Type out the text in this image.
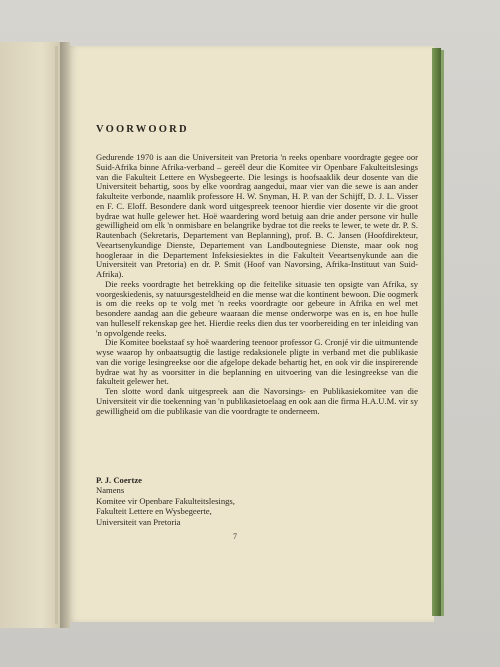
VOORWOORD

Gedurende 1970 is aan die Universiteit van Pretoria 'n reeks openbare voordragte gegee oor Suid-Afrika binne Afrika-verband – gereël deur die Komitee vir Openbare Fakulteitslesings van die Fakulteit Lettere en Wysbegeerte. Die lesings is hoofsaaklik deur dosente van die Universiteit behartig, soos by elke voordrag aangedui, maar vier van die sewe is aan ander fakulteite verbonde, naamlik professore H. W. Snyman, H. P. van der Schijff, D. J. L. Visser en F. C. Eloff. Besondere dank word uitgespreek teenoor hierdie vier dosente vir die groot bydrae wat hulle gelewer het. Hoë waardering word betuig aan drie ander persone vir hulle gewilligheid om elk 'n onmisbare en belangrike bydrae tot die reeks te lewer, te wete dr. P. S. Rautenbach (Sekretaris, Departement van Beplanning), prof. B. C. Jansen (Hoofdirekteur, Veeartsenykundige Dienste, Departement van Landboutegniese Dienste, maar ook nog hoogleraar in die Departement Infeksiesiektes in die Fakulteit Veeartsenykunde aan die Universiteit van Pretoria) en dr. P. Smit (Hoof van Navorsing, Afrika-Instituut van Suid-Afrika).

Die reeks voordragte het betrekking op die feitelike situasie ten opsigte van Afrika, sy voorgeskiedenis, sy natuursgesteldheid en die mense wat die kontinent bewoon. Die oogmerk is om die reeks op te volg met 'n reeks voordragte oor gebeure in Afrika en wel met besondere aandag aan die gebeure waaraan die mense onderworpe was en is, en hoe hulle van hulleself rekenskap gee het. Hierdie reeks dien dus ter voorbereiding en ter inleiding van 'n opvolgende reeks.

Die Komitee boekstaaf sy hoë waardering teenoor professor G. Cronjé vir die uitmuntende wyse waarop hy onbaatsugtig die lastige redaksionele pligte in verband met die publikasie van die vorige lesingreekse oor die afgelope dekade behartig het, en ook vir die inspirerende bydrae wat hy as voorsitter in die beplanning en uitvoering van die lesingreekse van die fakulteit gelewer het.

Ten slotte word dank uitgespreek aan die Navorsings- en Publikasiekomitee van die Universiteit vir die toekenning van 'n publikasietoelaag en ook aan die firma H.A.U.M. vir sy gewilligheid om die publikasie van die voordragte te onderneem.

P. J. Coertze
Namens
Komitee vir Openbare Fakulteitslesings,
Fakulteit Lettere en Wysbegeerte,
Universiteit van Pretoria
7
